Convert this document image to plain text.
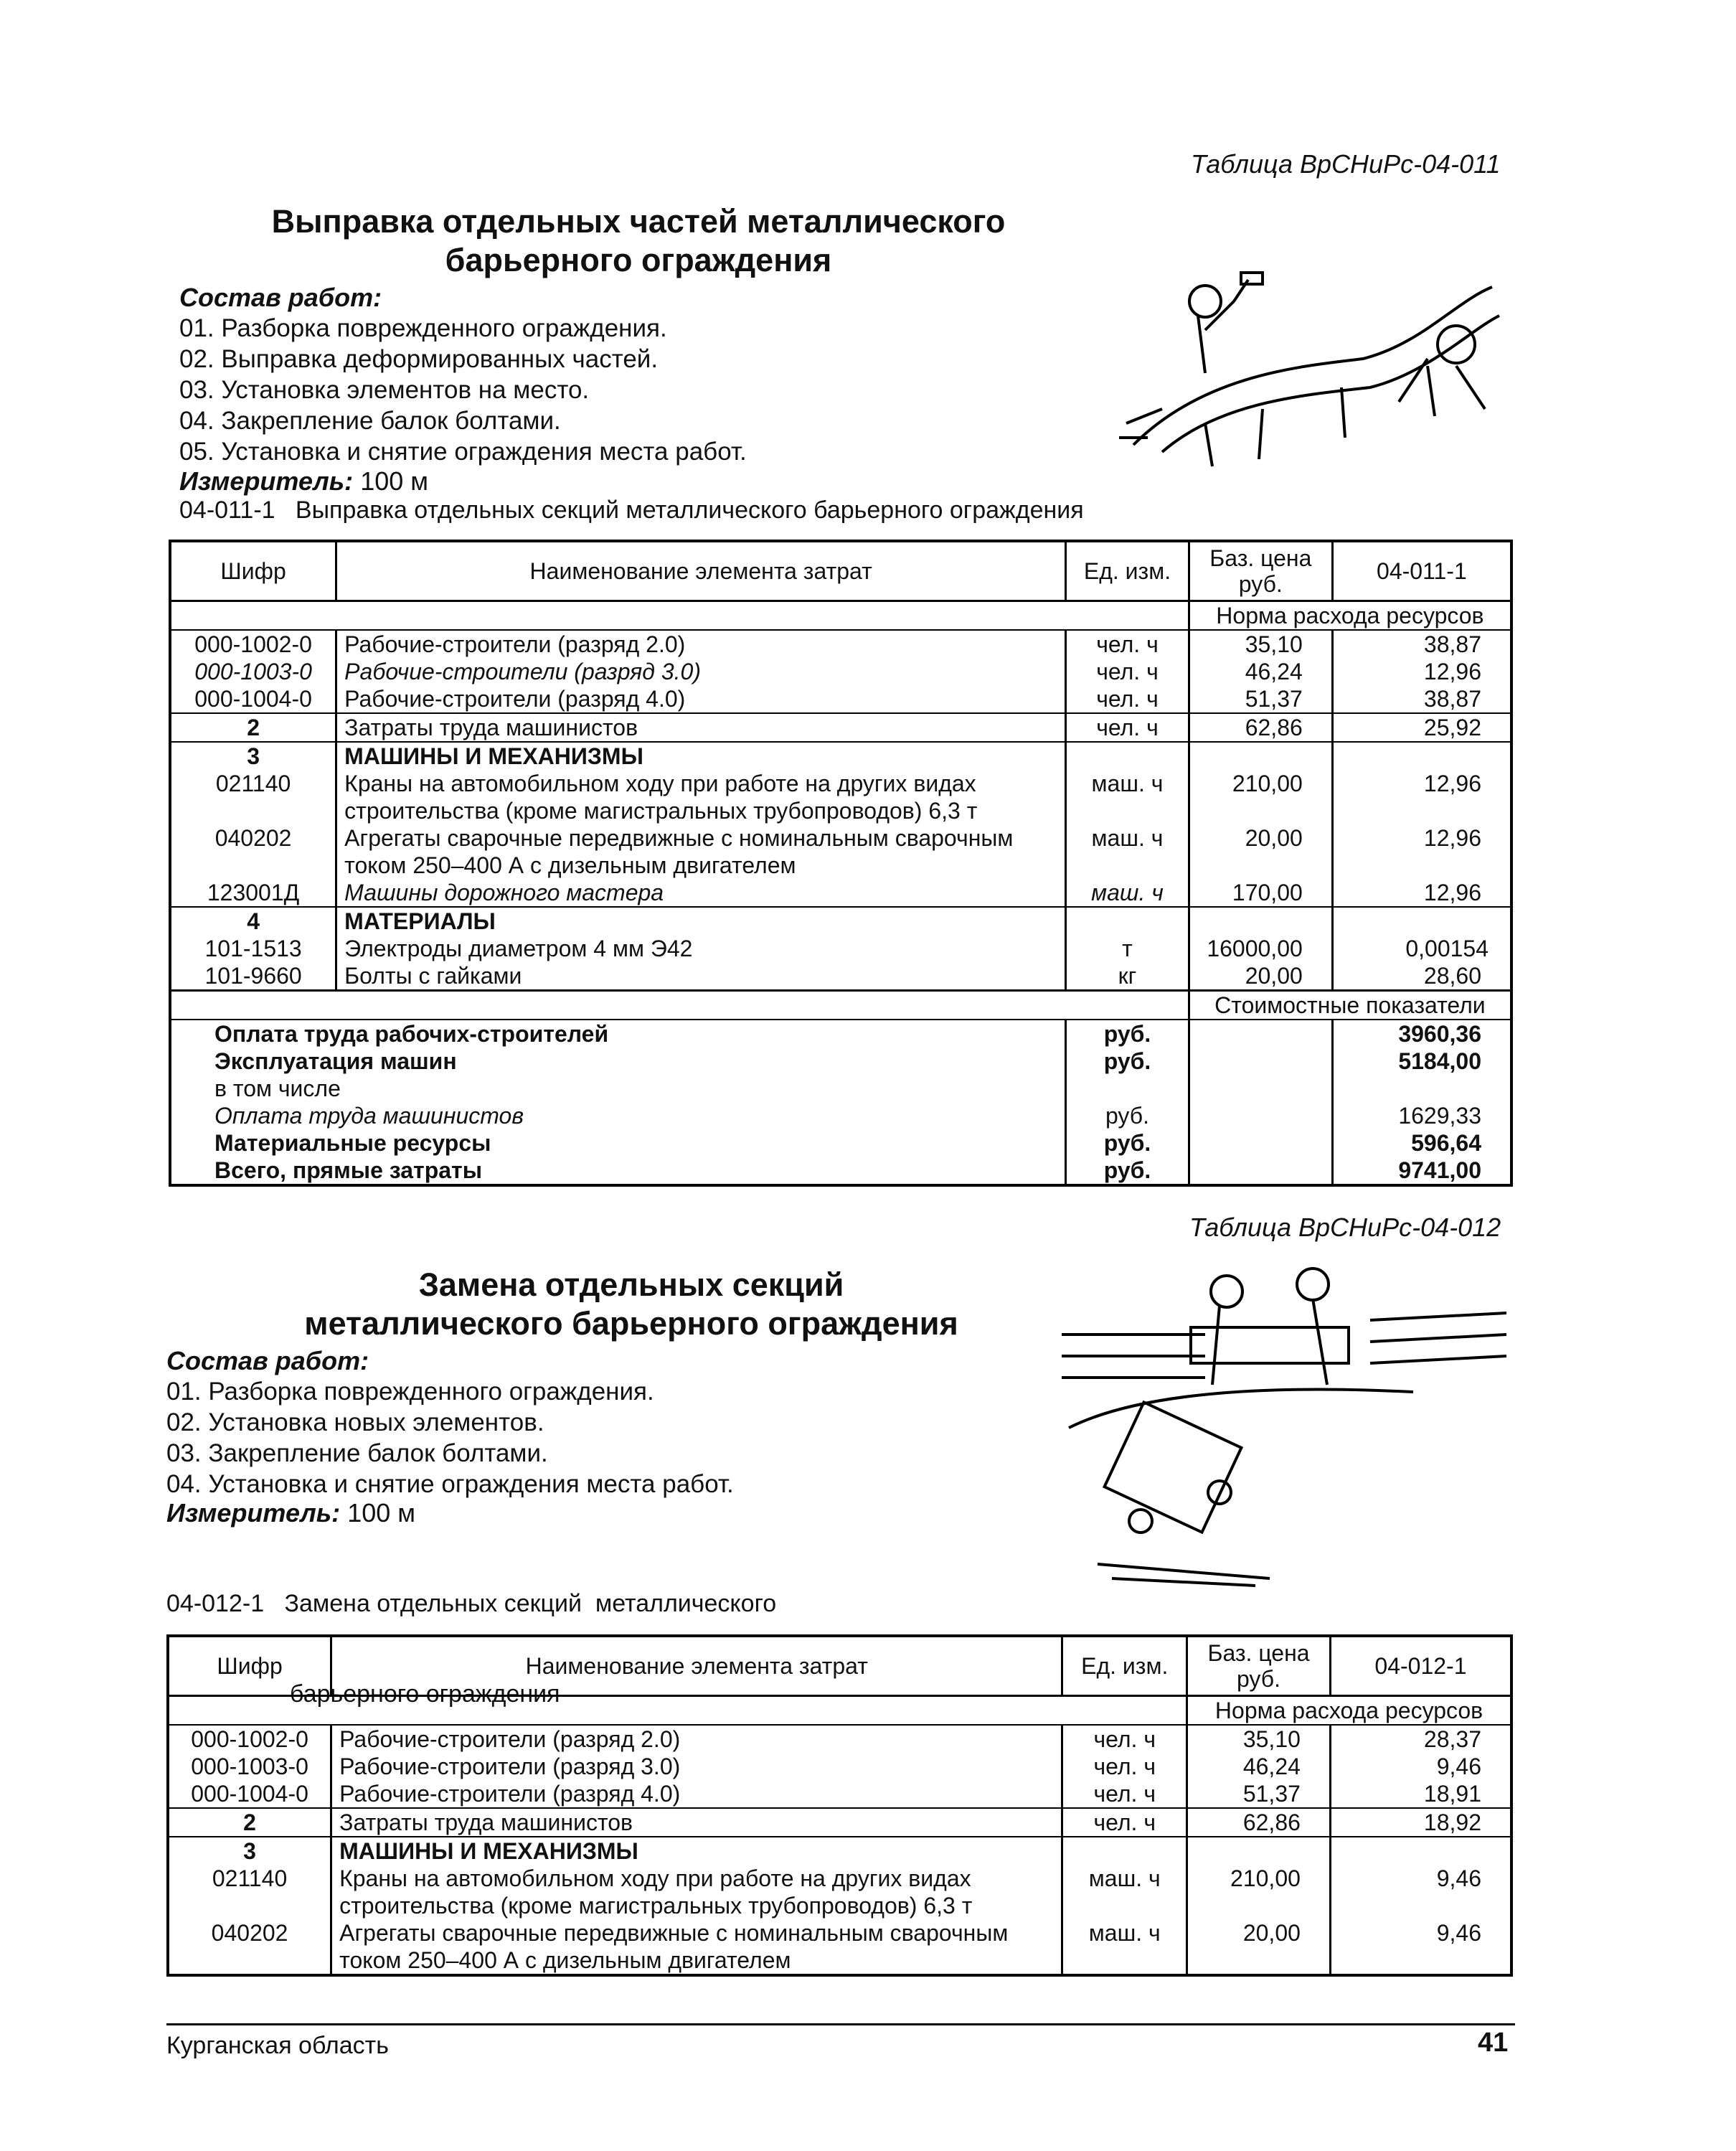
Таблица ВрСНиРс-04-011
Выправка отдельных частей металлического
барьерного ограждения
Состав работ:
01. Разборка поврежденного ограждения.
02. Выправка деформированных частей.
03. Установка элементов на место.
04. Закрепление балок болтами.
05. Установка и снятие ограждения места работ.
Измеритель: 100 м
04-011-1   Выправка отдельных секций металлического барьерного ограждения
Шифр	Наименование элемента затрат	Ед. изм.	Баз. цена руб.	04-011-1
			Норма расхода ресурсов	
000-1002-0	Рабочие-строители (разряд 2.0)	чел. ч	35,10	38,87
000-1003-0	Рабочие-строители (разряд 3.0)	чел. ч	46,24	12,96
000-1004-0	Рабочие-строители (разряд 4.0)	чел. ч	51,37	38,87
2	Затраты труда машинистов	чел. ч	62,86	25,92
3	МАШИНЫ И МЕХАНИЗМЫ			
021140	Краны на автомобильном ходу при работе на других видах строительства (кроме магистральных трубопроводов) 6,3 т	маш. ч	210,00	12,96
040202	Агрегаты сварочные передвижные с номинальным сварочным током 250–400 А с дизельным двигателем	маш. ч	20,00	12,96
123001Д	Машины дорожного мастера	маш. ч	170,00	12,96
4	МАТЕРИАЛЫ			
101-1513	Электроды диаметром 4 мм Э42	т	16000,00	0,00154
101-9660	Болты с гайками	кг	20,00	28,60
			Стоимостные показатели	
Оплата труда рабочих-строителей		руб.		3960,36
Эксплуатация машин		руб.		5184,00
в том числе				
Оплата труда машинистов		руб.		1629,33
Материальные ресурсы		руб.		596,64
Всего, прямые затраты		руб.		9741,00
Таблица ВрСНиРс-04-012
Замена отдельных секций
металлического барьерного ограждения
Состав работ:
01. Разборка поврежденного ограждения.
02. Установка новых элементов.
03. Закрепление балок болтами.
04. Установка и снятие ограждения места работ.
Измеритель: 100 м

04-012-1   Замена отдельных секций  металлического

барьерного ограждения

Шифр	Наименование элемента затрат	Ед. изм.	Баз. цена руб.	04-012-1
			Норма расхода ресурсов	
000-1002-0	Рабочие-строители (разряд 2.0)	чел. ч	35,10	28,37
000-1003-0	Рабочие-строители (разряд 3.0)	чел. ч	46,24	9,46
000-1004-0	Рабочие-строители (разряд 4.0)	чел. ч	51,37	18,91
2	Затраты труда машинистов	чел. ч	62,86	18,92
3	МАШИНЫ И МЕХАНИЗМЫ			
021140	Краны на автомобильном ходу при работе на других видах строительства (кроме магистральных трубопроводов) 6,3 т	маш. ч	210,00	9,46
040202	Агрегаты сварочные передвижные с номинальным сварочным током 250–400 А с дизельным двигателем	маш. ч	20,00	9,46
Курганская область	41
